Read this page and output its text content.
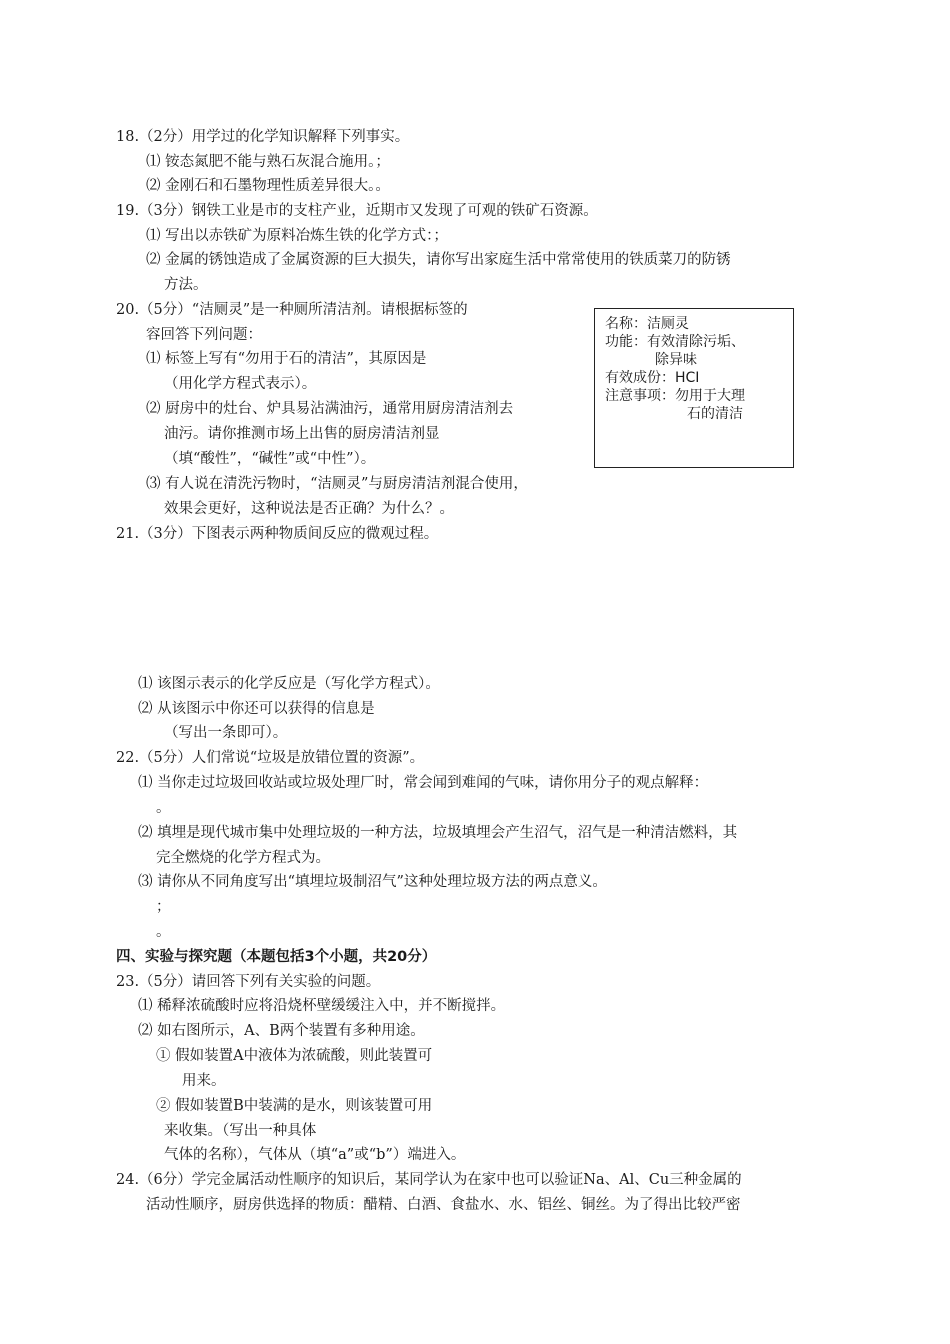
18.（2分）用学过的化学知识解释下列事实。
⑴ 铵态氮肥不能与熟石灰混合施用。；
⑵ 金刚石和石墨物理性质差异很大。。
19.（3分）钢铁工业是市的支柱产业，近期市又发现了可观的铁矿石资源。
⑴ 写出以赤铁矿为原料冶炼生铁的化学方式：；
⑵ 金属的锈蚀造成了金属资源的巨大损失，请你写出家庭生活中常常使用的铁质菜刀的防锈
方法。
20.（5分）“洁厕灵”是一种厕所清洁剂。请根据标签的
容回答下列问题：
⑴ 标签上写有“勿用于石的清洁”，其原因是
（用化学方程式表示）。
⑵ 厨房中的灶台、炉具易沾满油污，通常用厨房清洁剂去
油污。请你推测市场上出售的厨房清洁剂显
（填“酸性”，“碱性”或“中性”）。
⑶ 有人说在清洗污物时，“洁厕灵”与厨房清洁剂混合使用，
效果会更好，这种说法是否正确？为什么？。
名称：洁厕灵
功能：有效清除污垢、
除异味
有效成份：HCI
注意事项：勿用于大理
石的清洁
21.（3分）下图表示两种物质间反应的微观过程。
⑴ 该图示表示的化学反应是（写化学方程式）。
⑵ 从该图示中你还可以获得的信息是
（写出一条即可）。
22.（5分）人们常说“垃圾是放错位置的资源”。
⑴ 当你走过垃圾回收站或垃圾处理厂时，常会闻到难闻的气味，请你用分子的观点解释：
。
⑵ 填埋是现代城市集中处理垃圾的一种方法，垃圾填埋会产生沼气，沼气是一种清洁燃料，其
完全燃烧的化学方程式为。
⑶ 请你从不同角度写出“填埋垃圾制沼气”这种处理垃圾方法的两点意义。
；
。
四、实验与探究题（本题包括3个小题，共20分）
23.（5分）请回答下列有关实验的问题。
⑴ 稀释浓硫酸时应将沿烧杯壁缓缓注入中，并不断搅拌。
⑵ 如右图所示，A、B两个装置有多种用途。
① 假如装置A中液体为浓硫酸，则此装置可
用来。
② 假如装置B中装满的是水，则该装置可用
来收集。（写出一种具体
气体的名称），气体从（填“a”或“b”）端进入。
24.（6分）学完金属活动性顺序的知识后，某同学认为在家中也可以验证Na、Al、Cu三种金属的
活动性顺序，厨房供选择的物质：醋精、白酒、食盐水、水、铝丝、铜丝。为了得出比较严密
